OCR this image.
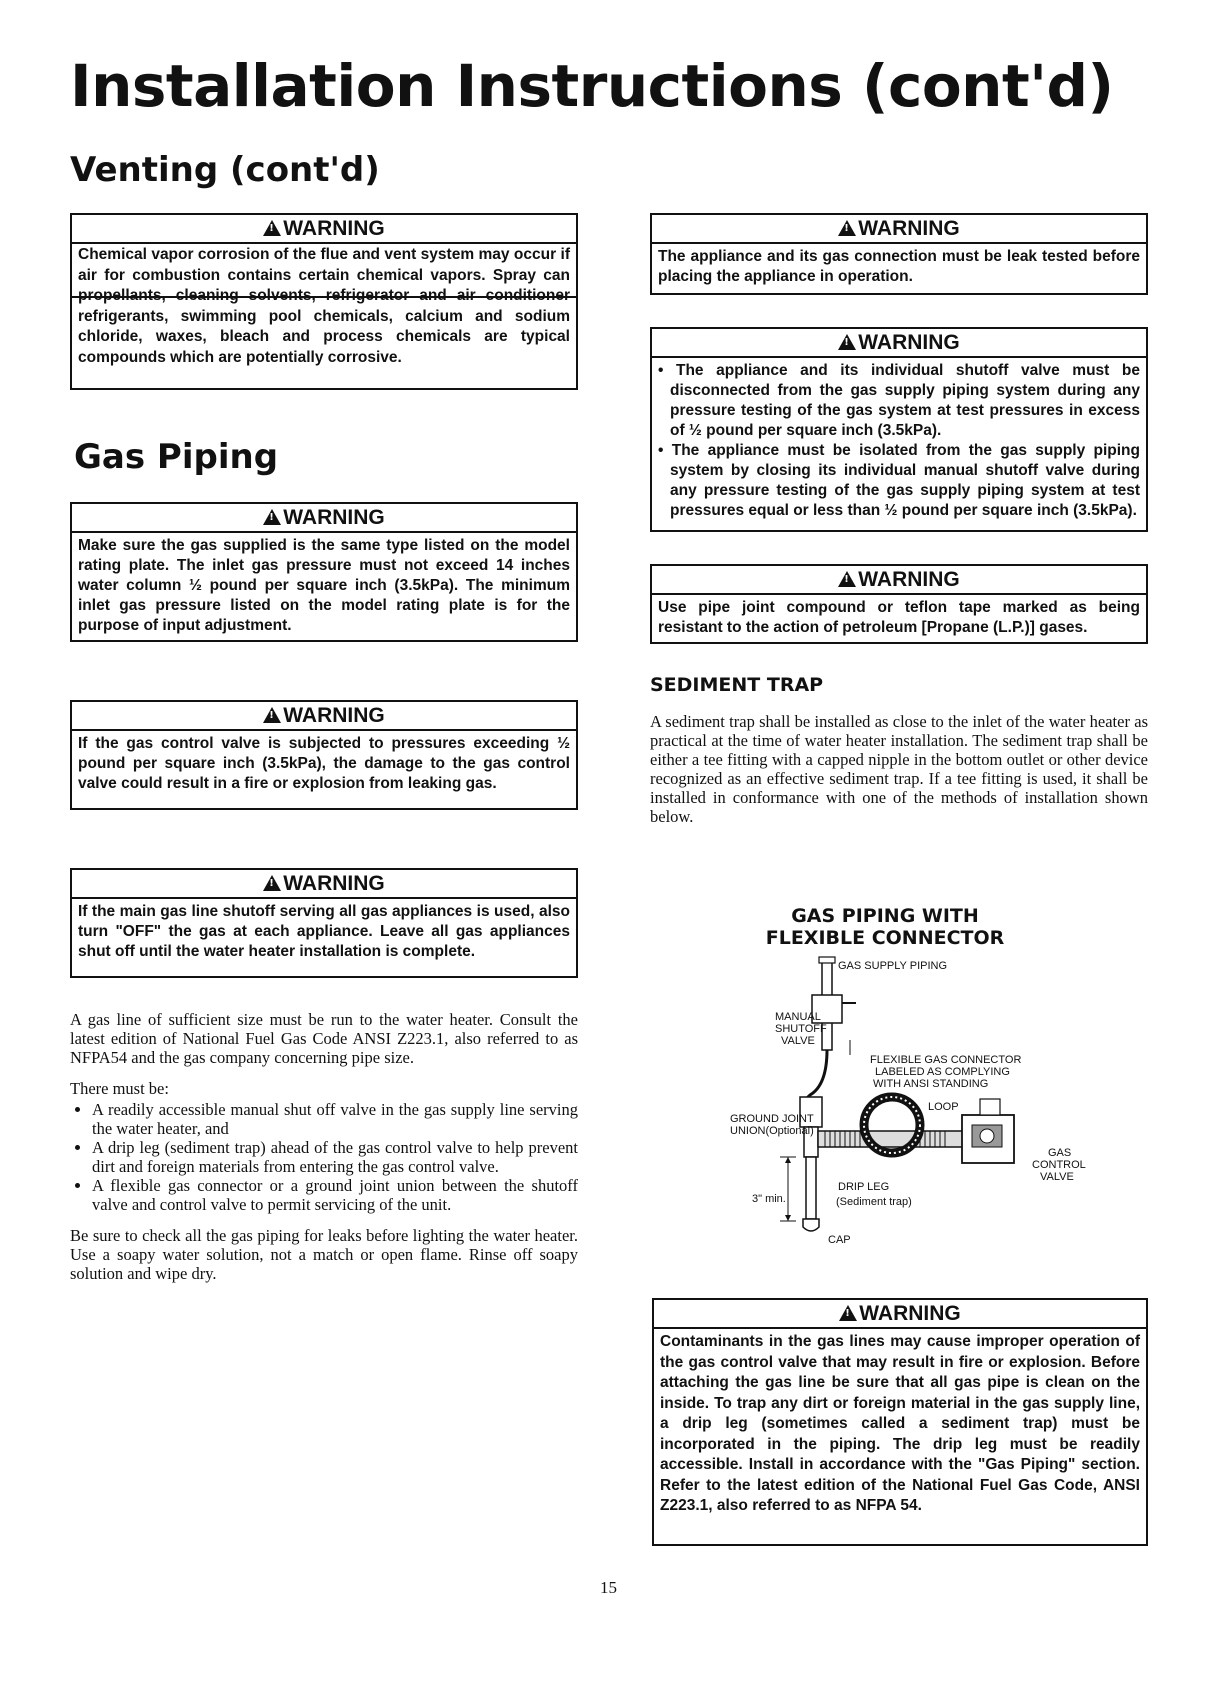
Installation Instructions (cont'd)
Venting (cont'd)
!WARNING
Chemical vapor corrosion of the flue and vent system may occur if air for combustion contains certain chemical vapors. Spray can propellants, cleaning solvents, refrigerator and air conditioner refrigerants, swimming pool chemicals, calcium and sodium chloride, waxes, bleach and process chemicals are typical compounds which are potentially corrosive.
Gas Piping
!WARNING

Make sure the gas supplied is the same type listed on the model rating plate. The inlet gas pressure must not exceed 14 inches water column ½ pound per square inch (3.5kPa). The minimum inlet gas pressure listed on the model rating plate is for the purpose of input adjustment.

!WARNING

If the gas control valve is subjected to pressures exceeding ½ pound per square inch (3.5kPa), the damage to the gas control valve could result in a fire or explosion from leaking gas.

!WARNING

If the main gas line shutoff serving all gas appliances is used, also turn "OFF" the gas at each appliance. Leave all gas appliances shut off until the water heater installation is complete.

A gas line of sufficient size must be run to the water heater. Consult the latest edition of National Fuel Gas Code ANSI Z223.1, also referred to as NFPA54 and the gas company concerning pipe size.

There must be:

• A readily accessible manual shut off valve in the gas supply line serving the water heater, and
• A drip leg (sediment trap) ahead of the gas control valve to help prevent dirt and foreign materials from entering the gas control valve.
• A flexible gas connector or a ground joint union between the shutoff valve and control valve to permit servicing of the unit.

Be sure to check all the gas piping for leaks before lighting the water heater. Use a soapy water solution, not a match or open flame. Rinse off soapy solution and wipe dry.

!WARNING

The appliance and its gas connection must be leak tested before placing the appliance in operation.

!WARNING

• The appliance and its individual shutoff valve must be disconnected from the gas supply piping system during any pressure testing of the gas system at test pressures in excess of ½ pound per square inch (3.5kPa).

• The appliance must be isolated from the gas supply piping system by closing its individual manual shutoff valve during any pressure testing of the gas supply piping system at test pressures equal or less than ½ pound per square inch (3.5kPa).

!WARNING

Use pipe joint compound or teflon tape marked as being resistant to the action of petroleum [Propane (L.P.)] gases.

SEDIMENT TRAP

A sediment trap shall be installed as close to the inlet of the water heater as practical at the time of water heater installation. The sediment trap shall be either a tee fitting with a capped nipple in the bottom outlet or other device recognized as an effective sediment trap. If a tee fitting is used, it shall be installed in conformance with one of the methods of installation shown below.

GAS PIPING WITH
FLEXIBLE CONNECTOR
GAS SUPPLY PIPING
MANUAL
SHUTOFF
VALVE
FLEXIBLE GAS CONNECTOR
LABELED AS COMPLYING
WITH ANSI STANDING
LOOP
GROUND JOINT
UNION(Optional)
GAS
CONTROL
VALVE
DRIP LEG
(Sediment trap)
3" min.
CAP
!WARNING

Contaminants in the gas lines may cause improper operation of the gas control valve that may result in fire or explosion. Before attaching the gas line be sure that all gas pipe is clean on the inside. To trap any dirt or foreign material in the gas supply line, a drip leg (sometimes called a sediment trap) must be incorporated in the piping. The drip leg must be readily accessible. Install in accordance with the "Gas Piping" section. Refer to the latest edition of the National Fuel Gas Code, ANSI Z223.1, also referred to as NFPA 54.

15
